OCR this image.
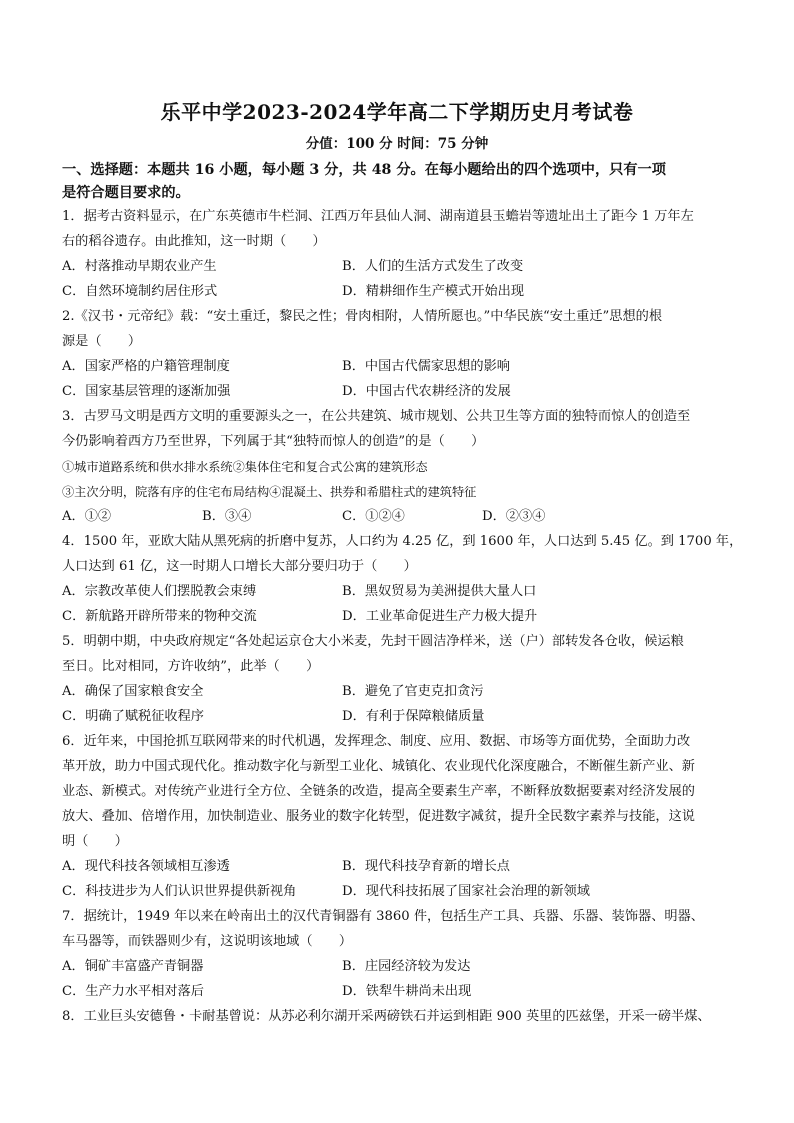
乐平中学2023-2024学年高二下学期历史月考试卷
分值：100 分 时间：75 分钟
一、选择题：本题共 16 小题，每小题 3 分，共 48 分。在每小题给出的四个选项中，只有一项
是符合题目要求的。
1．据考古资料显示，在广东英德市牛栏洞、江西万年县仙人洞、湖南道县玉蟾岩等遗址出土了距今 1 万年左
右的稻谷遗存。由此推知，这一时期（　　）
A．村落推动早期农业产生	B．人们的生活方式发生了改变
C．自然环境制约居住形式	D．精耕细作生产模式开始出现
2.《汉书・元帝纪》载：“安土重迁，黎民之性；骨肉相附，人情所愿也。”中华民族“安土重迁”思想的根
源是（　　）
A．国家严格的户籍管理制度	B．中国古代儒家思想的影响
C．国家基层管理的逐渐加强	D．中国古代农耕经济的发展
3．古罗马文明是西方文明的重要源头之一，在公共建筑、城市规划、公共卫生等方面的独特而惊人的创造至
今仍影响着西方乃至世界，下列属于其“独特而惊人的创造”的是（　　）
①城市道路系统和供水排水系统②集体住宅和复合式公寓的建筑形态
③主次分明，院落有序的住宅布局结构④混凝土、拱券和希腊柱式的建筑特征
A．①②	B．③④	C．①②④	D．②③④
4．1500 年，亚欧大陆从黑死病的折磨中复苏，人口约为 4.25 亿，到 1600 年，人口达到 5.45 亿。到 1700 年，
人口达到 61 亿，这一时期人口增长大部分要归功于（　　）
A．宗教改革使人们摆脱教会束缚	B．黑奴贸易为美洲提供大量人口
C．新航路开辟所带来的物种交流	D．工业革命促进生产力极大提升
5．明朝中期，中央政府规定“各处起运京仓大小米麦，先封干圆洁净样米，送（户）部转发各仓收，候运粮
至日。比对相同，方许收纳”，此举（　　）
A．确保了国家粮食安全	B．避免了官吏克扣贪污
C．明确了赋税征收程序	D．有利于保障粮储质量
6．近年来，中国抢抓互联网带来的时代机遇，发挥理念、制度、应用、数据、市场等方面优势，全面助力改
革开放，助力中国式现代化。推动数字化与新型工业化、城镇化、农业现代化深度融合，不断催生新产业、新
业态、新模式。对传统产业进行全方位、全链条的改造，提高全要素生产率，不断释放数据要素对经济发展的
放大、叠加、倍增作用，加快制造业、服务业的数字化转型，促进数字减贫，提升全民数字素养与技能，这说
明（　　）
A．现代科技各领域相互渗透	B．现代科技孕育新的增长点
C．科技进步为人们认识世界提供新视角	D．现代科技拓展了国家社会治理的新领域
7．据统计，1949 年以来在岭南出土的汉代青铜器有 3860 件，包括生产工具、兵器、乐器、装饰器、明器、
车马器等，而铁器则少有，这说明该地域（　　）
A．铜矿丰富盛产青铜器	B．庄园经济较为发达
C．生产力水平相对落后	D．铁犁牛耕尚未出现
8．工业巨头安德鲁・卡耐基曾说：从苏必利尔湖开采两磅铁石并运到相距 900 英里的匹兹堡，开采一磅半煤、
